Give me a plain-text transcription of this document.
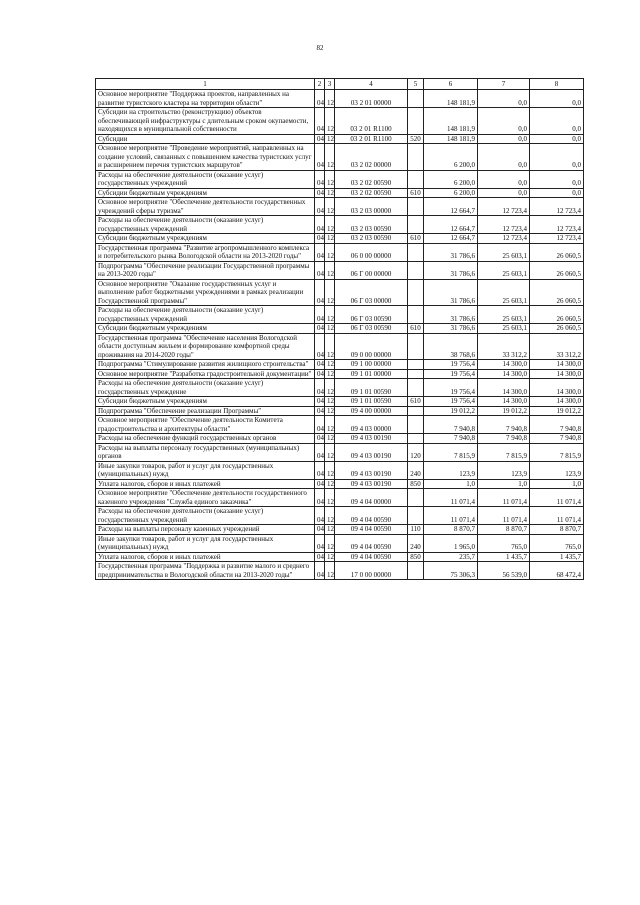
82
1	2	3	4	5	6	7	8
Основное мероприятие "Поддержка проектов, направленных на развитие туристского кластера на территории области"	04	12	03 2 01 00000		148 181,9	0,0	0,0
Субсидии на строительство (реконструкцию) объектов обеспечивающей инфраструктуры с длительным сроком окупаемости, находящихся в муниципальной собственности	04	12	03 2 01 R1100		148 181,9	0,0	0,0
Субсидии	04	12	03 2 01 R1100	520	148 181,9	0,0	0,0
Основное мероприятие "Проведение мероприятий, направленных на создание условий, связанных с повышением качества туристских услуг и расширением перечня туристских маршрутов"	04	12	03 2 02 00000		6 200,0	0,0	0,0
Расходы на обеспечение деятельности (оказание услуг) государственных учреждений	04	12	03 2 02 00590		6 200,0	0,0	0,0
Субсидии бюджетным учреждениям	04	12	03 2 02 00590	610	6 200,0	0,0	0,0
Основное мероприятие "Обеспечение деятельности государственных учреждений сферы туризма"	04	12	03 2 03 00000		12 664,7	12 723,4	12 723,4
Расходы на обеспечение деятельности (оказание услуг) государственных учреждений	04	12	03 2 03 00590		12 664,7	12 723,4	12 723,4
Субсидии бюджетным учреждениям	04	12	03 2 03 00590	610	12 664,7	12 723,4	12 723,4
Государственная программа "Развитие агропромышленного комплекса и потребительского рынка Вологодской области на 2013-2020 годы"	04	12	06 0 00 00000		31 786,6	25 603,1	26 060,5
Подпрограмма "Обеспечение реализации Государственной программы на 2013-2020 годы"	04	12	06 Г 00 00000		31 786,6	25 603,1	26 060,5
Основное мероприятие "Оказание государственных услуг и выполнение работ бюджетными учреждениями в рамках реализации Государственной программы"	04	12	06 Г 03 00000		31 786,6	25 603,1	26 060,5
Расходы на обеспечение деятельности (оказание услуг) государственных учреждений	04	12	06 Г 03 00590		31 786,6	25 603,1	26 060,5
Субсидии бюджетным учреждениям	04	12	06 Г 03 00590	610	31 786,6	25 603,1	26 060,5
Государственная программа "Обеспечение населения Вологодской области доступным жильем и формирование комфортной среды проживания на 2014-2020 годы"	04	12	09 0 00 00000		38 768,6	33 312,2	33 312,2
Подпрограмма "Стимулирование развития жилищного строительства"	04	12	09 1 00 00000		19 756,4	14 300,0	14 300,0
Основное мероприятие "Разработка градостроительной документации"	04	12	09 1 01 00000		19 756,4	14 300,0	14 300,0
Расходы на обеспечение деятельности (оказание услуг) государственных учреждение	04	12	09 1 01 00590		19 756,4	14 300,0	14 300,0
Субсидии бюджетным учреждениям	04	12	09 1 01 00590	610	19 756,4	14 300,0	14 300,0
Подпрограмма "Обеспечение реализации Программы"	04	12	09 4 00 00000		19 012,2	19 012,2	19 012,2
Основное мероприятие "Обеспечение деятельности Комитета градостроительства и архитектуры области"	04	12	09 4 03 00000		7 940,8	7 940,8	7 940,8
Расходы на обеспечение функций государственных органов	04	12	09 4 03 00190		7 940,8	7 940,8	7 940,8
Расходы на выплаты персоналу государственных (муниципальных) органов	04	12	09 4 03 00190	120	7 815,9	7 815,9	7 815,9
Иные закупки товаров, работ и услуг для государственных (муниципальных) нужд	04	12	09 4 03 00190	240	123,9	123,9	123,9
Уплата налогов, сборов и иных платежей	04	12	09 4 03 00190	850	1,0	1,0	1,0
Основное мероприятие "Обеспечение деятельности государственного казенного учреждения "Служба единого заказчика"	04	12	09 4 04 00000		11 071,4	11 071,4	11 071,4
Расходы на обеспечение деятельности (оказание услуг) государственных учреждений	04	12	09 4 04 00590		11 071,4	11 071,4	11 071,4
Расходы на выплаты персоналу казенных учреждений	04	12	09 4 04 00590	110	8 870,7	8 870,7	8 870,7
Иные закупки товаров, работ и услуг для государственных (муниципальных) нужд	04	12	09 4 04 00590	240	1 965,0	765,0	765,0
Уплата налогов, сборов и иных платежей	04	12	09 4 04 00590	850	235,7	1 435,7	1 435,7
Государственная программа "Поддержка и развитие малого и среднего предпринимательства в Вологодской области на 2013-2020 годы"	04	12	17 0 00 00000		75 306,3	56 539,0	68 472,4
